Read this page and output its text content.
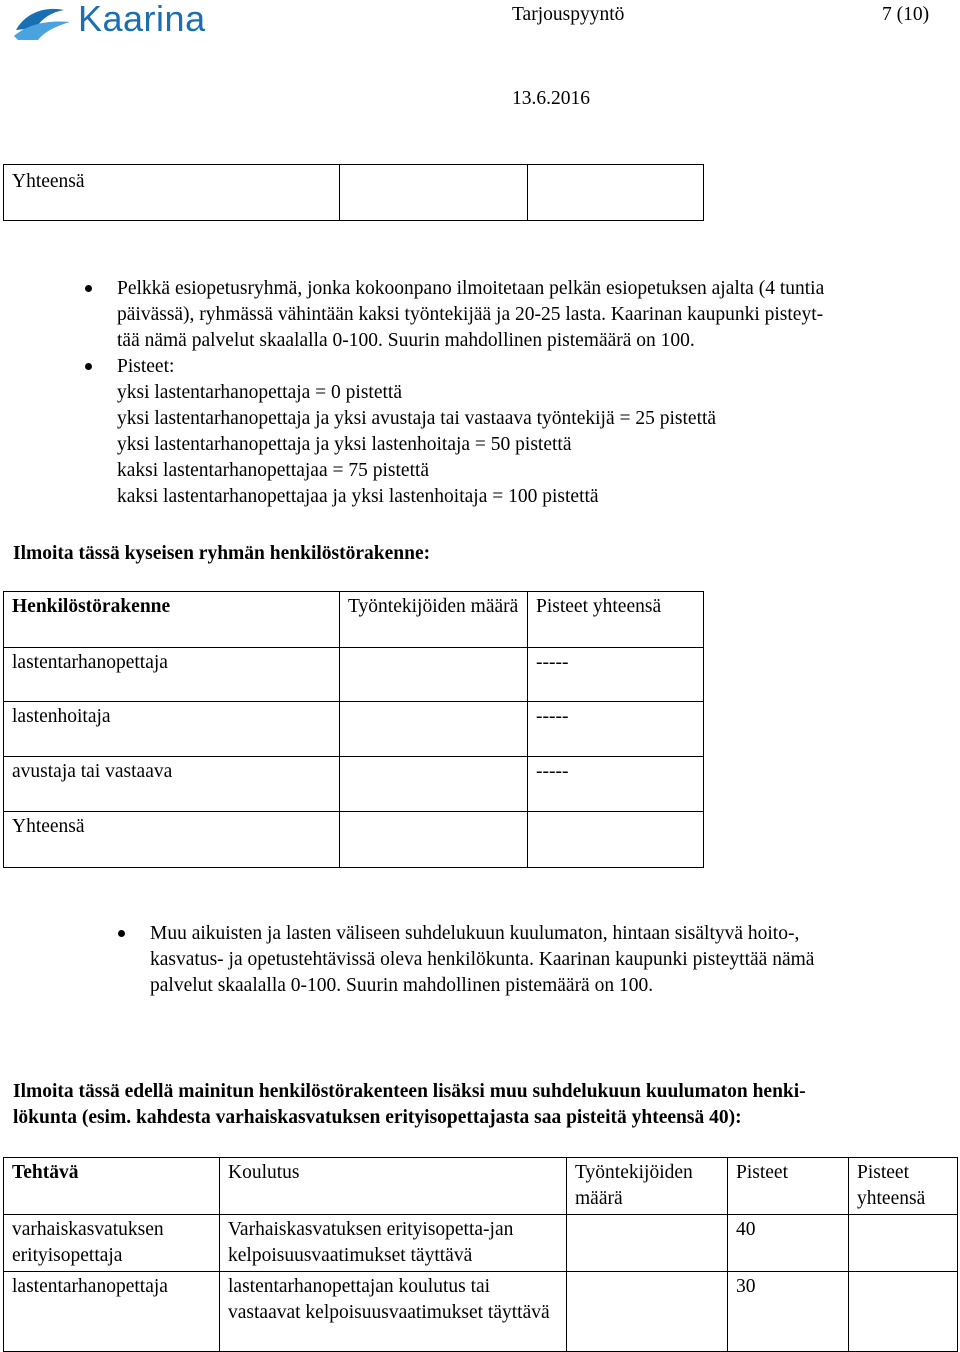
Kaarina	Tarjouspyyntö	7 (10)
13.6.2016
Yhteensä		
Pelkkä esiopetusryhmä, jonka kokoonpano ilmoitetaan pelkän esiopetuksen ajalta (4 tuntia
päivässä), ryhmässä vähintään kaksi työntekijää ja 20-25 lasta. Kaarinan kaupunki pisteyt-
tää nämä palvelut skaalalla 0-100. Suurin mahdollinen pistemäärä on 100.
Pisteet:
yksi lastentarhanopettaja = 0 pistettä
yksi lastentarhanopettaja ja yksi avustaja tai vastaava työntekijä = 25 pistettä
yksi lastentarhanopettaja ja yksi lastenhoitaja = 50 pistettä
kaksi lastentarhanopettajaa = 75 pistettä
kaksi lastentarhanopettajaa ja yksi lastenhoitaja = 100 pistettä
Ilmoita tässä kyseisen ryhmän henkilöstörakenne:
Henkilöstörakenne	Työntekijöiden määrä	Pisteet yhteensä
lastentarhanopettaja		-----
lastenhoitaja		-----
avustaja tai vastaava		-----
Yhteensä		
Muu aikuisten ja lasten väliseen suhdelukuun kuulumaton, hintaan sisältyvä hoito-,
kasvatus- ja opetustehtävissä oleva henkilökunta. Kaarinan kaupunki pisteyttää nämä
palvelut skaalalla 0-100. Suurin mahdollinen pistemäärä on 100.
Ilmoita tässä edellä mainitun henkilöstörakenteen lisäksi muu suhdelukuun kuulumaton henki-
lökunta (esim. kahdesta varhaiskasvatuksen erityisopettajasta saa pisteitä yhteensä 40):
Tehtävä	Koulutus	Työntekijöiden määrä	Pisteet	Pisteet yhteensä
varhaiskasvatuksen erityisopettaja	Varhaiskasvatuksen erityisopetta-jan kelpoisuusvaatimukset täyttävä		40	
lastentarhanopettaja	lastentarhanopettajan koulutus tai vastaavat kelpoisuusvaatimukset täyttävä		30	
